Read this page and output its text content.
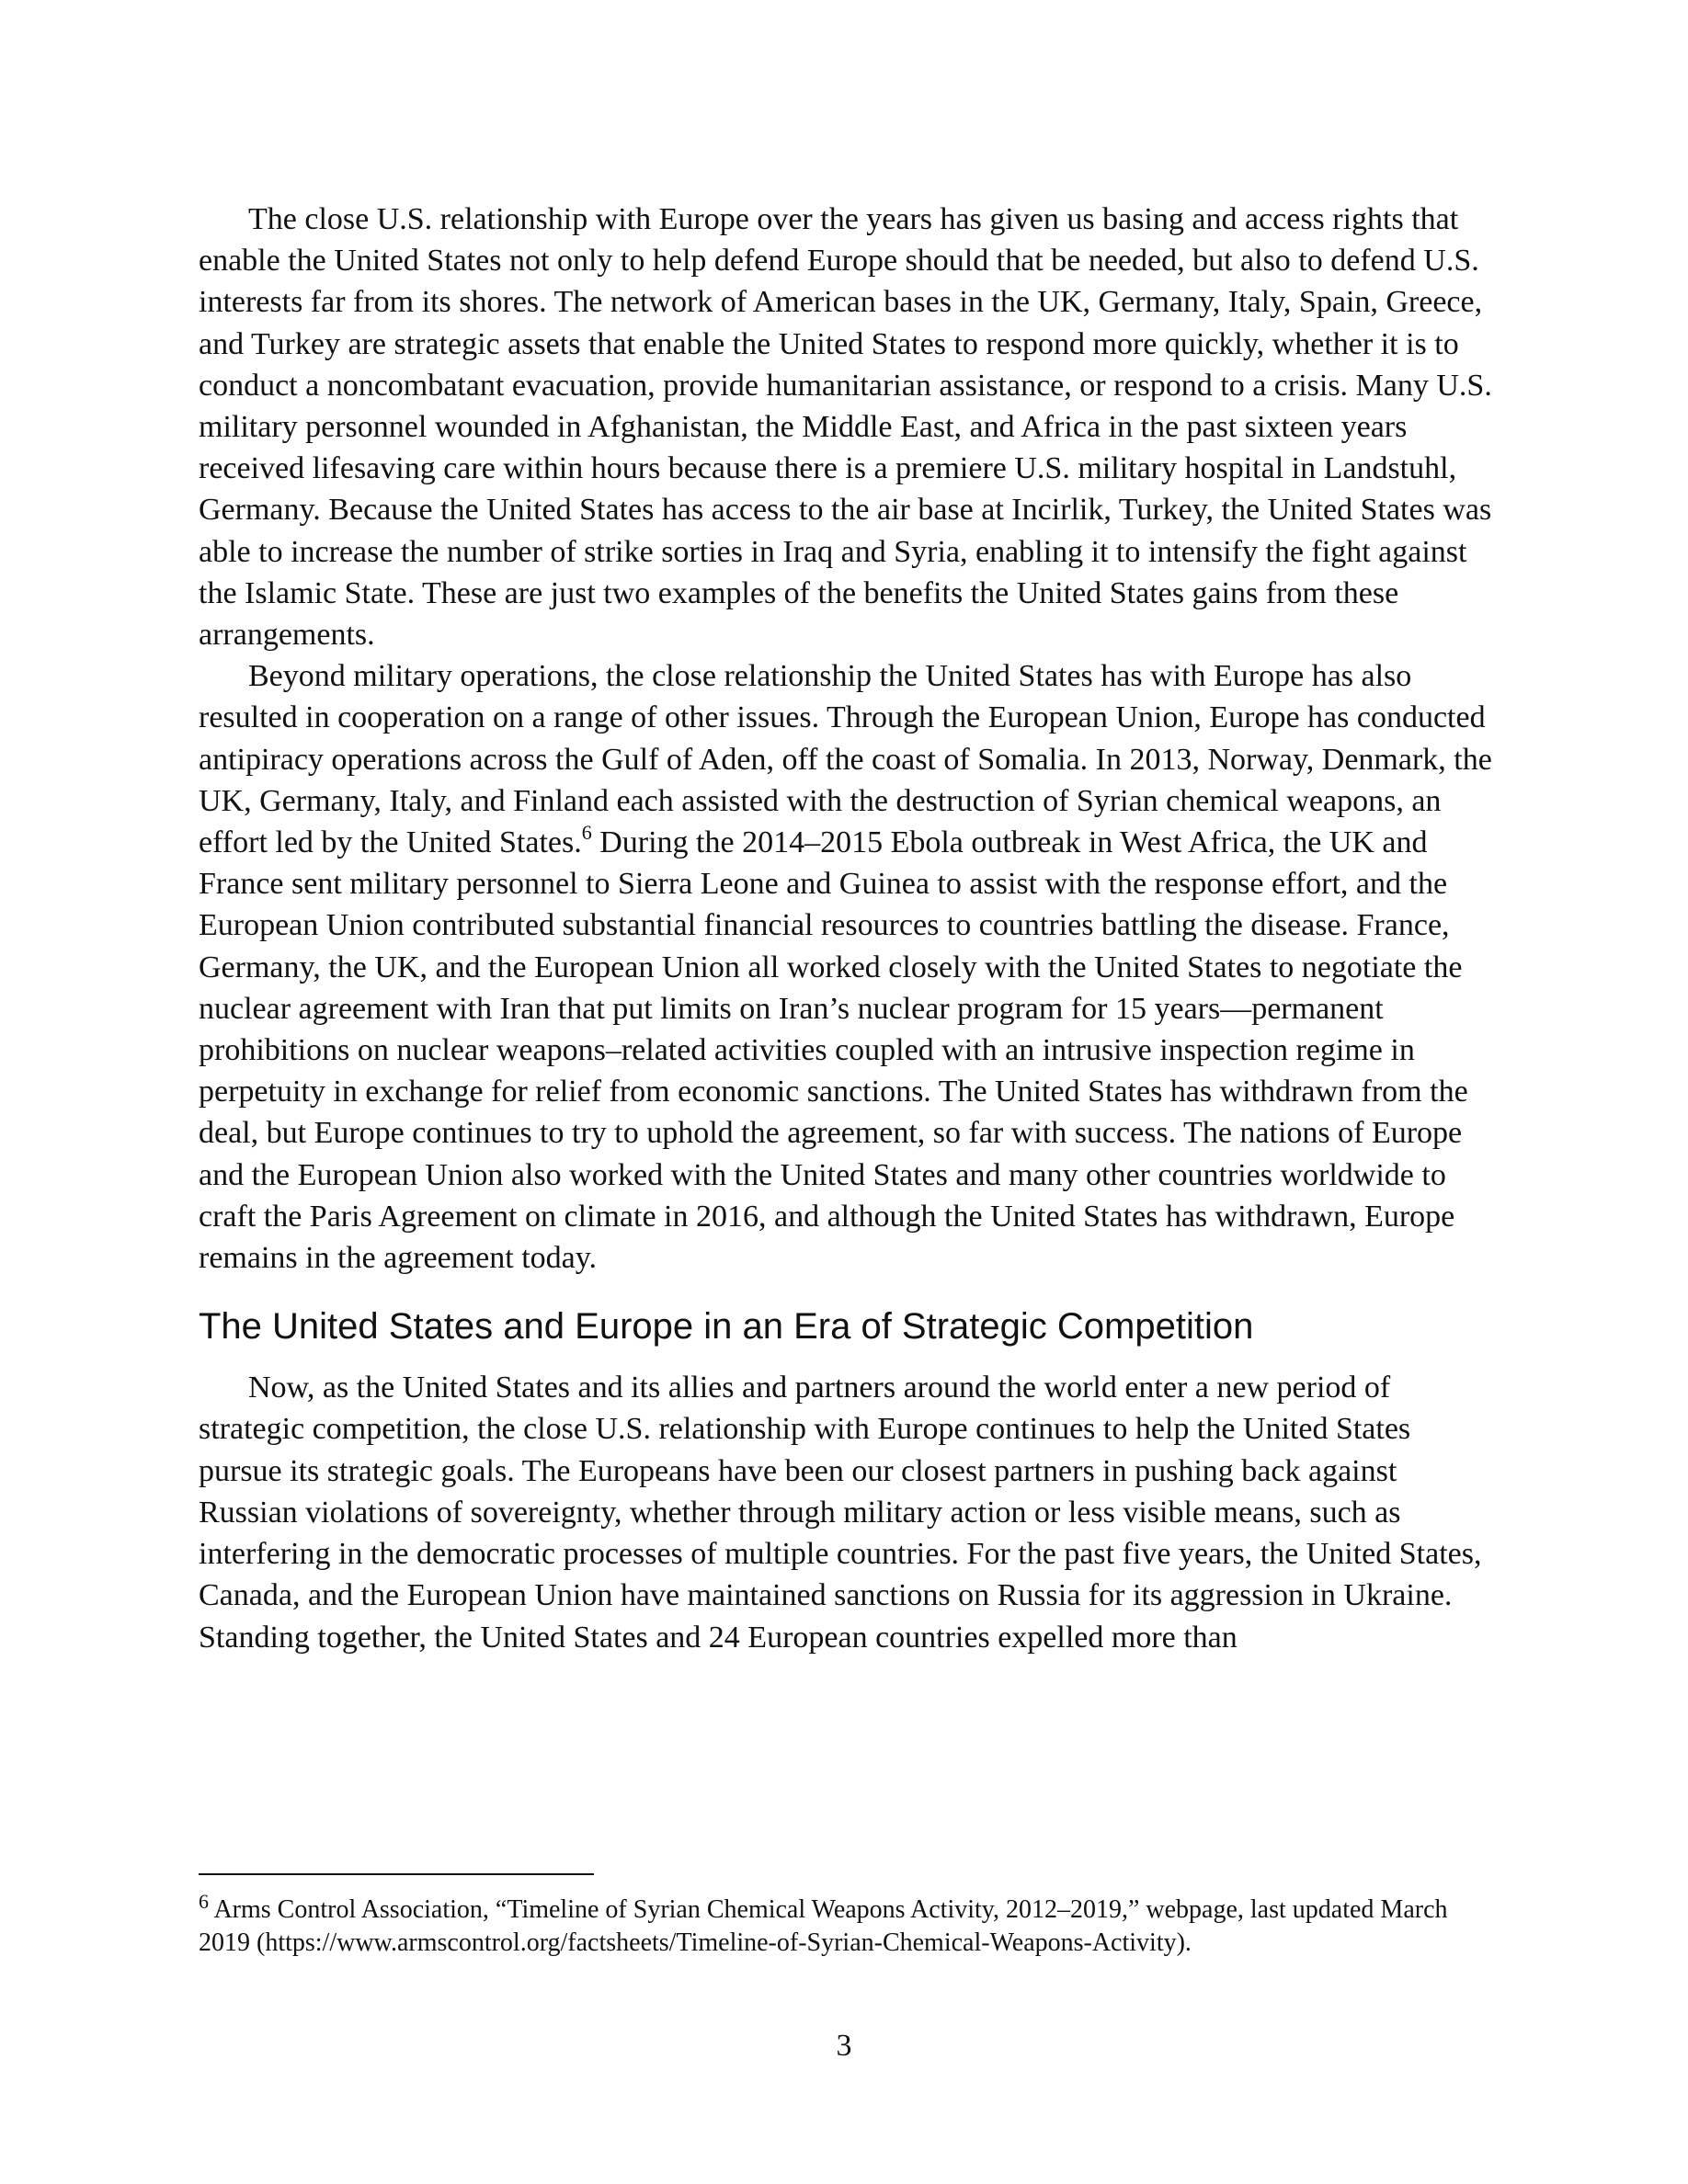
The close U.S. relationship with Europe over the years has given us basing and access rights that enable the United States not only to help defend Europe should that be needed, but also to defend U.S. interests far from its shores. The network of American bases in the UK, Germany, Italy, Spain, Greece, and Turkey are strategic assets that enable the United States to respond more quickly, whether it is to conduct a noncombatant evacuation, provide humanitarian assistance, or respond to a crisis. Many U.S. military personnel wounded in Afghanistan, the Middle East, and Africa in the past sixteen years received lifesaving care within hours because there is a premiere U.S. military hospital in Landstuhl, Germany. Because the United States has access to the air base at Incirlik, Turkey, the United States was able to increase the number of strike sorties in Iraq and Syria, enabling it to intensify the fight against the Islamic State. These are just two examples of the benefits the United States gains from these arrangements.

Beyond military operations, the close relationship the United States has with Europe has also resulted in cooperation on a range of other issues. Through the European Union, Europe has conducted antipiracy operations across the Gulf of Aden, off the coast of Somalia. In 2013, Norway, Denmark, the UK, Germany, Italy, and Finland each assisted with the destruction of Syrian chemical weapons, an effort led by the United States.$^6$ During the 2014–2015 Ebola outbreak in West Africa, the UK and France sent military personnel to Sierra Leone and Guinea to assist with the response effort, and the European Union contributed substantial financial resources to countries battling the disease. France, Germany, the UK, and the European Union all worked closely with the United States to negotiate the nuclear agreement with Iran that put limits on Iran’s nuclear program for 15 years—permanent prohibitions on nuclear weapons–related activities coupled with an intrusive inspection regime in perpetuity in exchange for relief from economic sanctions. The United States has withdrawn from the deal, but Europe continues to try to uphold the agreement, so far with success. The nations of Europe and the European Union also worked with the United States and many other countries worldwide to craft the Paris Agreement on climate in 2016, and although the United States has withdrawn, Europe remains in the agreement today.

The United States and Europe in an Era of Strategic Competition

Now, as the United States and its allies and partners around the world enter a new period of strategic competition, the close U.S. relationship with Europe continues to help the United States pursue its strategic goals. The Europeans have been our closest partners in pushing back against Russian violations of sovereignty, whether through military action or less visible means, such as interfering in the democratic processes of multiple countries. For the past five years, the United States, Canada, and the European Union have maintained sanctions on Russia for its aggression in Ukraine. Standing together, the United States and 24 European countries expelled more than

$^6$ Arms Control Association, “Timeline of Syrian Chemical Weapons Activity, 2012–2019,” webpage, last updated March 2019 (https://www.armscontrol.org/factsheets/Timeline-of-Syrian-Chemical-Weapons-Activity).

3
